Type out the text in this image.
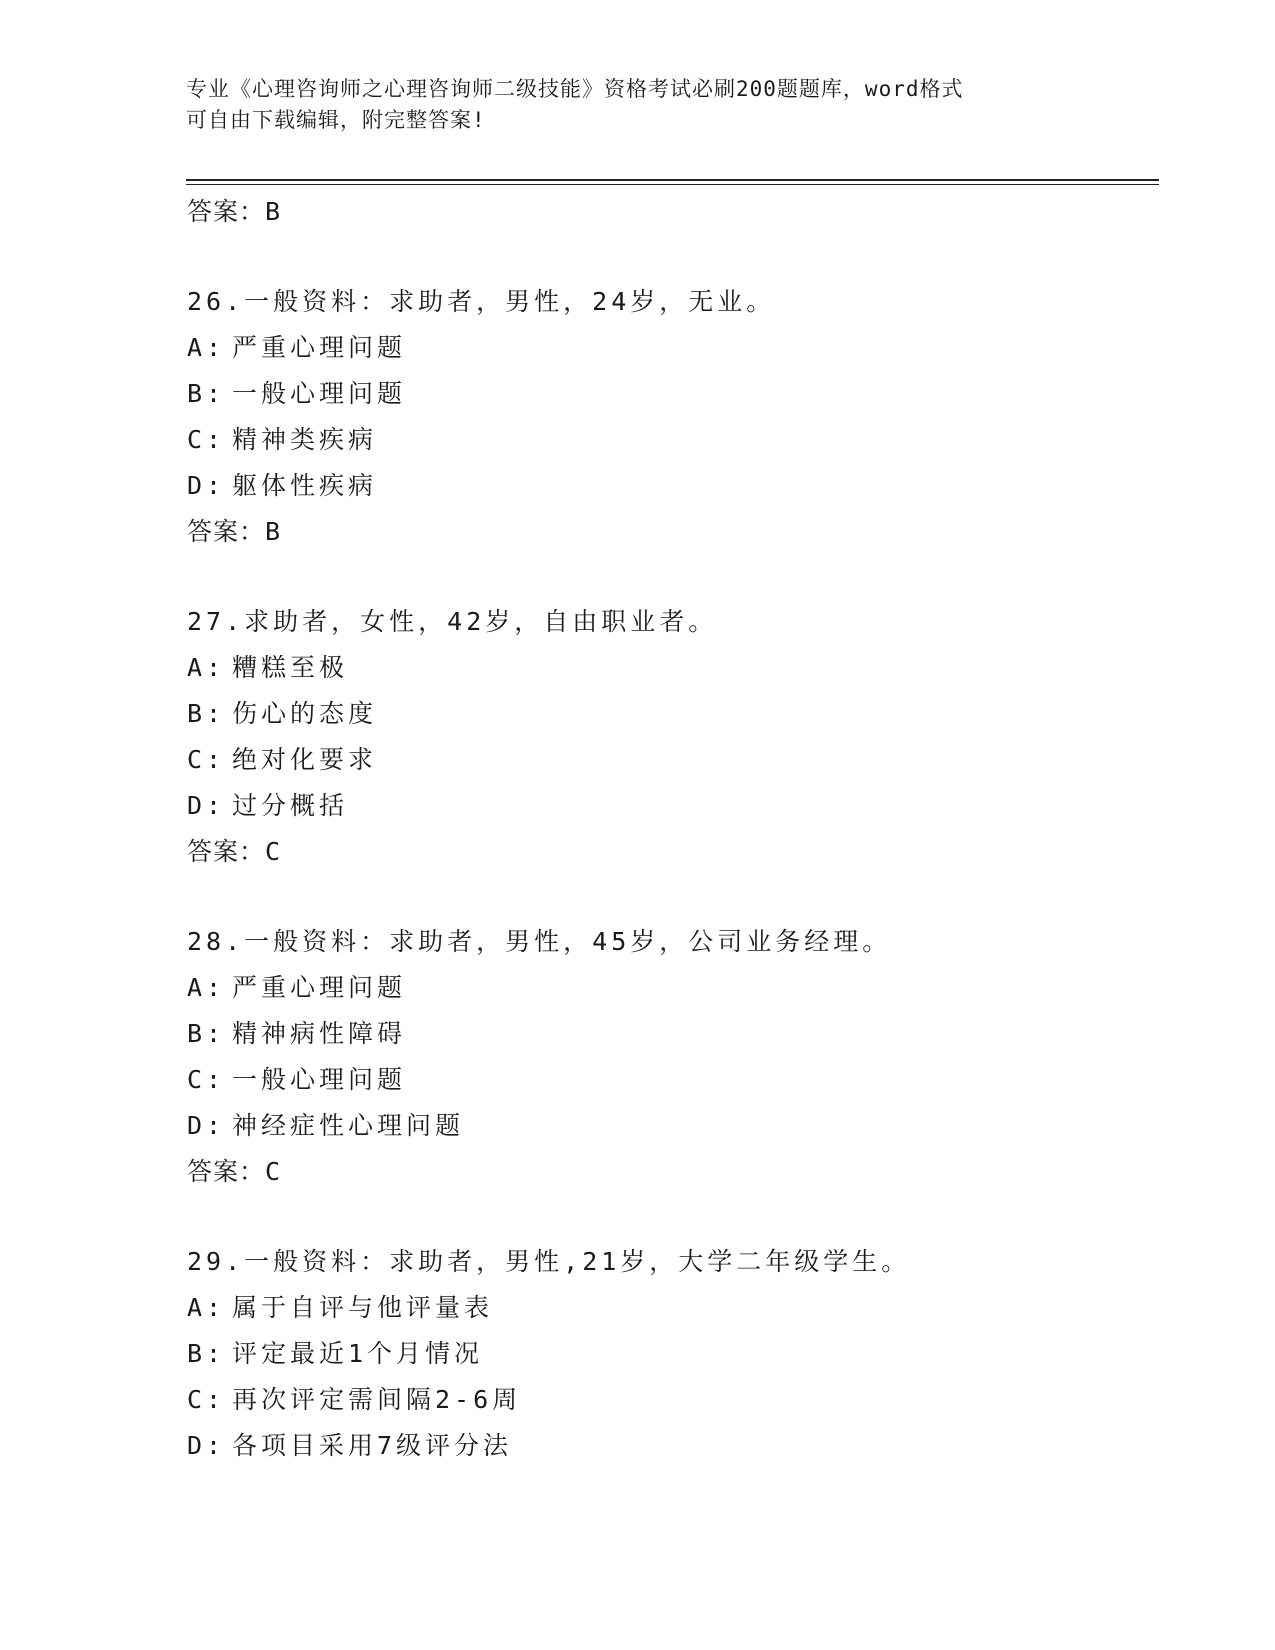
专业《心理咨询师之心理咨询师二级技能》资格考试必刷200题题库，word格式
可自由下载编辑，附完整答案!
答案：B
26.一般资料：求助者，男性，24岁，无业。
A: 严重心理问题
B: 一般心理问题
C: 精神类疾病
D: 躯体性疾病
答案：B
27.求助者，女性，42岁，自由职业者。
A: 糟糕至极
B: 伤心的态度
C: 绝对化要求
D: 过分概括
答案：C
28.一般资料：求助者，男性，45岁，公司业务经理。
A: 严重心理问题
B: 精神病性障碍
C: 一般心理问题
D: 神经症性心理问题
答案：C
29.一般资料：求助者，男性,21岁，大学二年级学生。
A: 属于自评与他评量表
B: 评定最近1个月情况
C: 再次评定需间隔2-6周
D: 各项目采用7级评分法
